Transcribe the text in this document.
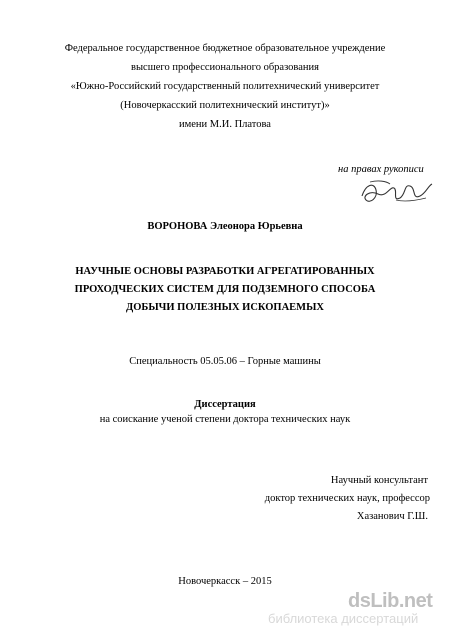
Федеральное государственное бюджетное образовательное учреждение
высшего профессионального образования
«Южно-Российский государственный политехнический университет
(Новочеркасский политехнический институт)»
имени М.И. Платова
на правах рукописи
ВОРОНОВА Элеонора Юрьевна
НАУЧНЫЕ ОСНОВЫ РАЗРАБОТКИ АГРЕГАТИРОВАННЫХ
ПРОХОДЧЕСКИХ СИСТЕМ ДЛЯ ПОДЗЕМНОГО СПОСОБА
ДОБЫЧИ ПОЛЕЗНЫХ ИСКОПАЕМЫХ
Специальность 05.05.06 – Горные машины
Диссертация
на соискание ученой степени доктора технических наук
Научный консультант
доктор технических наук, профессор
Хазанович Г.Ш.
Новочеркасск – 2015
dsLib.net
библиотека диссертаций
